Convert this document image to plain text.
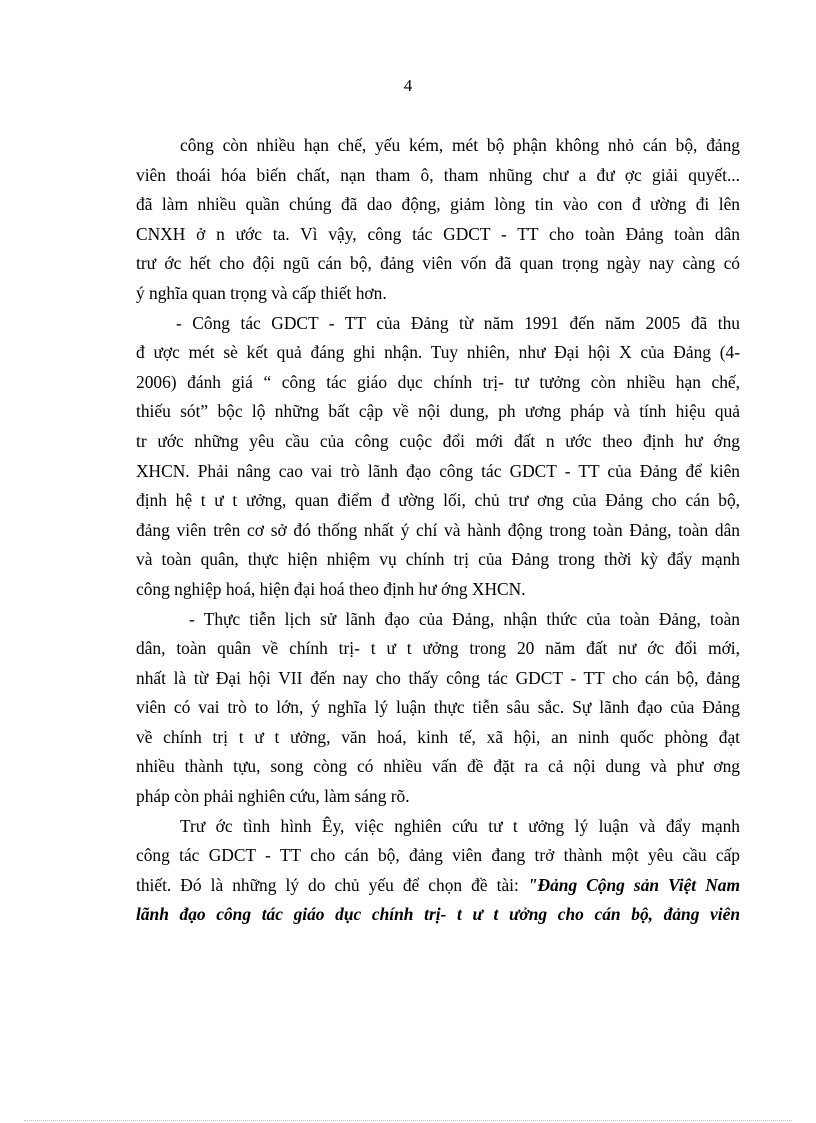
4
công còn nhiều hạn chế, yếu kém, mét bộ phận không nhỏ cán bộ, đảng
viên thoái hóa biến chất, nạn tham ô, tham nhũng chư a đư ợc giải quyết...
đã làm nhiều quần chúng đã dao động, giảm lòng tin vào con đ ường đi lên
CNXH ở n ước ta. Vì vậy, công tác GDCT - TT cho toàn Đảng toàn dân
trư ớc hết cho đội ngũ cán bộ, đảng viên vốn đã quan trọng ngày nay càng có
ý nghĩa quan trọng và cấp thiết hơn.
- Công tác GDCT - TT của Đảng từ năm 1991 đến năm 2005 đã thu
đ ược mét sè kết quả đáng ghi nhận. Tuy nhiên, như Đại hội X của Đảng (4-
2006) đánh giá “ công tác giáo dục chính trị- tư tưởng còn nhiều hạn chế,
thiếu sót” bộc lộ những bất cập về nội dung, ph ương pháp và tính hiệu quả
tr ước những yêu cầu của công cuộc đổi mới đất n ước theo định hư ớng
XHCN. Phải nâng cao vai trò lãnh đạo công tác GDCT - TT của Đảng để kiên
định hệ t ư t ưởng, quan điểm đ ường lối, chủ trư ơng của Đảng cho cán bộ,
đảng viên trên cơ sở đó thống nhất ý chí và hành động trong toàn Đảng, toàn dân
và toàn quân, thực hiện nhiệm vụ chính trị của Đảng trong thời kỳ đẩy mạnh
công nghiệp hoá, hiện đại hoá theo định hư ớng XHCN.
- Thực tiễn lịch sử lãnh đạo của Đảng, nhận thức của toàn Đảng, toàn
dân, toàn quân về chính trị- t ư t ưởng trong 20 năm đất nư ớc đổi mới,
nhất là từ Đại hội VII đến nay cho thấy công tác GDCT - TT cho cán bộ, đảng
viên có vai trò to lớn, ý nghĩa lý luận thực tiễn sâu sắc. Sự lãnh đạo của Đảng
về chính trị t ư t ưởng, văn hoá, kinh tế, xã hội, an ninh quốc phòng đạt
nhiều thành tựu, song còng có nhiều vấn đề đặt ra cả nội dung và phư ơng
pháp còn phải nghiên cứu, làm sáng rõ.
Trư ớc tình hình Êy, việc nghiên cứu tư t ưởng lý luận và đẩy mạnh
công tác GDCT - TT cho cán bộ, đảng viên đang trở thành một yêu cầu cấp
thiết. Đó là những lý do chủ yếu để chọn đề tài: "Đảng Cộng sản Việt Nam
lãnh đạo công tác giáo dục chính trị- t ư t ưởng cho cán bộ, đảng viên
